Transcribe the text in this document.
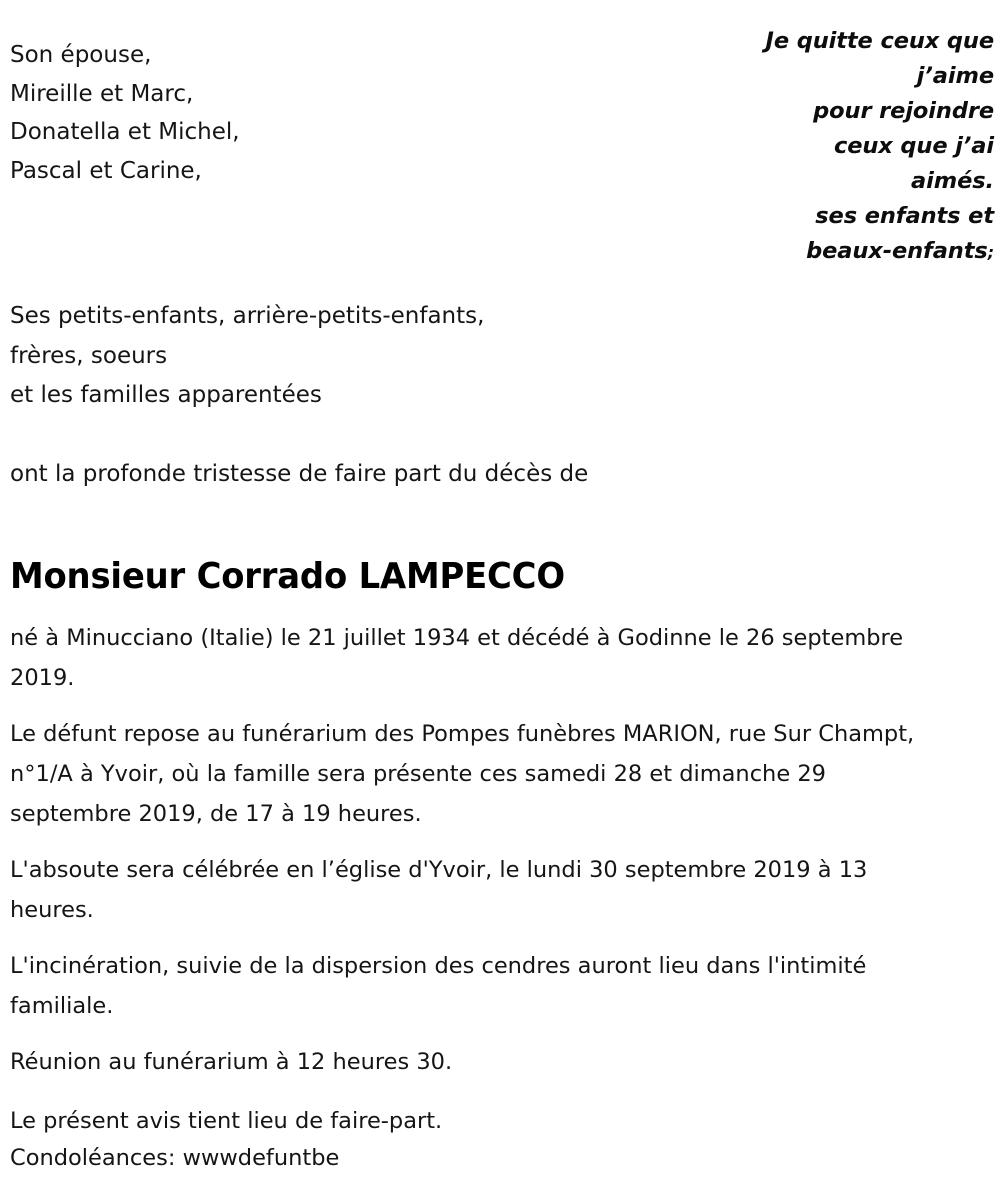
Je quitte ceux que
j’aime
pour rejoindre
ceux que j’ai
aimés.
ses enfants et
beaux-enfants;
Son épouse,
Mireille et Marc,
Donatella et Michel,
Pascal et Carine,
Ses petits-enfants, arrière-petits-enfants,
frères, soeurs
et les familles apparentées
ont la profonde tristesse de faire part du décès de
Monsieur Corrado LAMPECCO

né à Minucciano (Italie) le 21 juillet 1934 et décédé à Godinne le 26 septembre 2019.

Le défunt repose au funérarium des Pompes funèbres MARION, rue Sur Champt, n°1/A à Yvoir, où la famille sera présente ces samedi 28 et dimanche 29 septembre 2019, de 17 à 19 heures.

L'absoute sera célébrée en l’église d'Yvoir, le lundi 30 septembre 2019 à 13 heures.

L'incinération, suivie de la dispersion des cendres auront lieu dans l'intimité familiale.

Réunion au funérarium à 12 heures 30.

Le présent avis tient lieu de faire-part.
Condoléances: wwwdefuntbe
